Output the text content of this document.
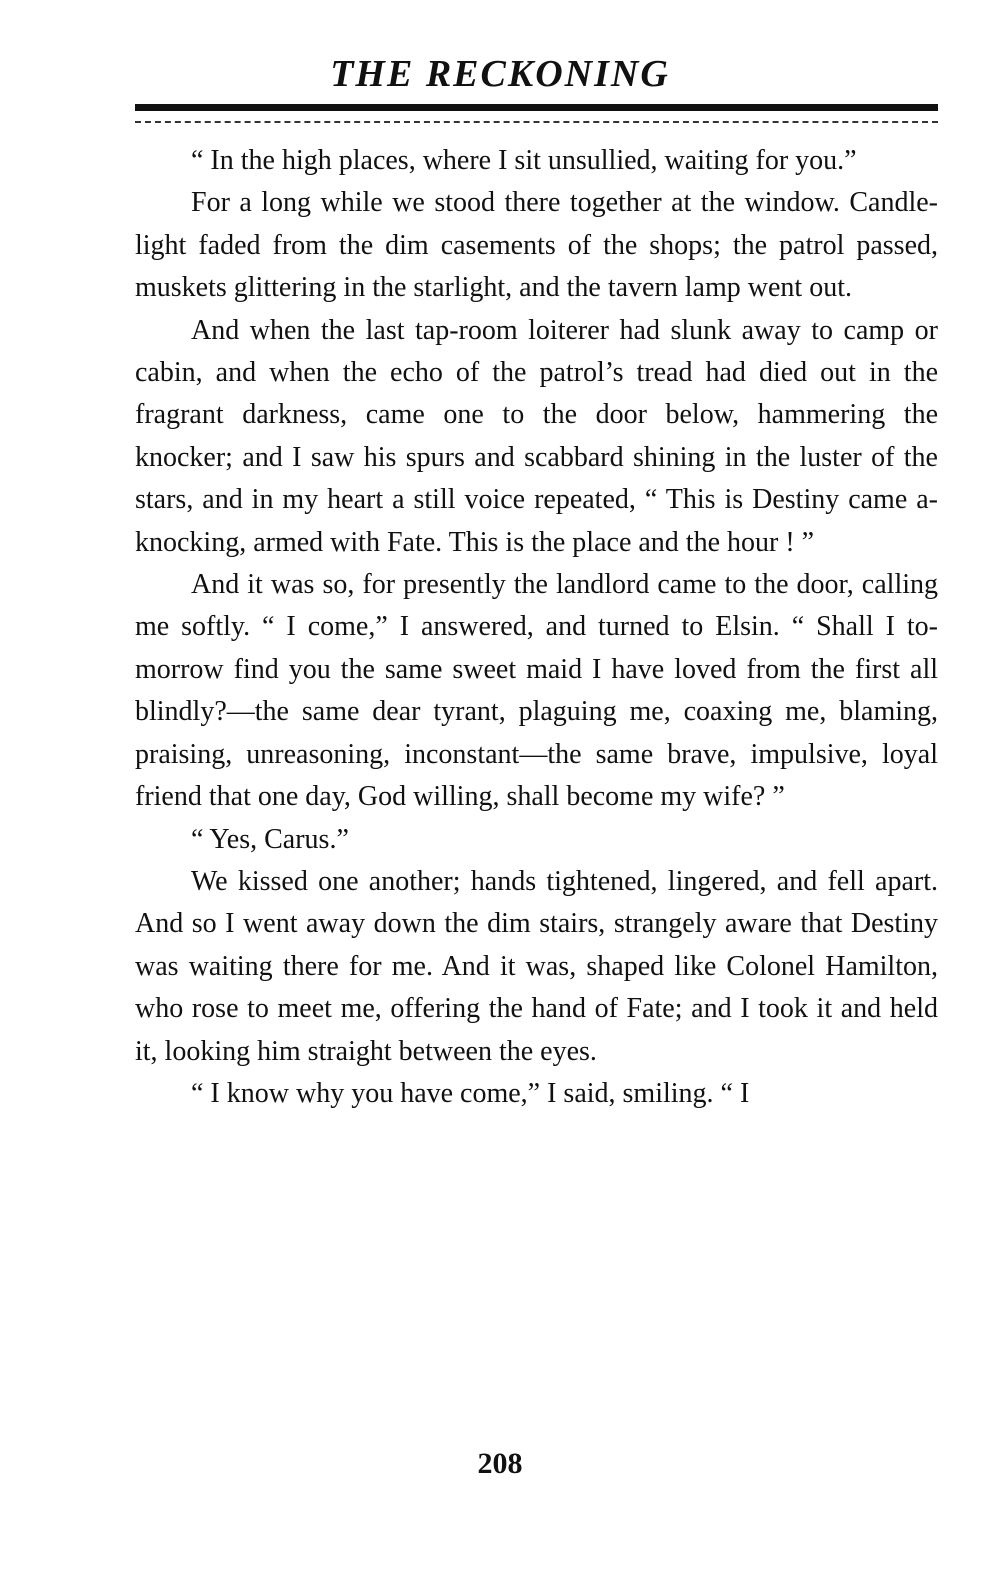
THE RECKONING

“ In the high places, where I sit unsullied, waiting for you.”

For a long while we stood there together at the window. Candle-light faded from the dim casements of the shops; the patrol passed, muskets glittering in the starlight, and the tavern lamp went out.

And when the last tap-room loiterer had slunk away to camp or cabin, and when the echo of the patrol’s tread had died out in the fragrant darkness, came one to the door below, hammering the knocker; and I saw his spurs and scabbard shining in the luster of the stars, and in my heart a still voice repeated, “ This is Destiny came a-knocking, armed with Fate. This is the place and the hour ! ”

And it was so, for presently the landlord came to the door, calling me softly. “ I come,” I answered, and turned to Elsin. “ Shall I to-morrow find you the same sweet maid I have loved from the first all blindly?—the same dear tyrant, plaguing me, coaxing me, blaming, praising, unreasoning, inconstant—the same brave, impulsive, loyal friend that one day, God willing, shall become my wife? ”

“ Yes, Carus.”

We kissed one another; hands tightened, lingered, and fell apart. And so I went away down the dim stairs, strangely aware that Destiny was waiting there for me. And it was, shaped like Colonel Hamilton, who rose to meet me, offering the hand of Fate; and I took it and held it, looking him straight between the eyes.

“ I know why you have come,” I said, smiling. “ I

208
